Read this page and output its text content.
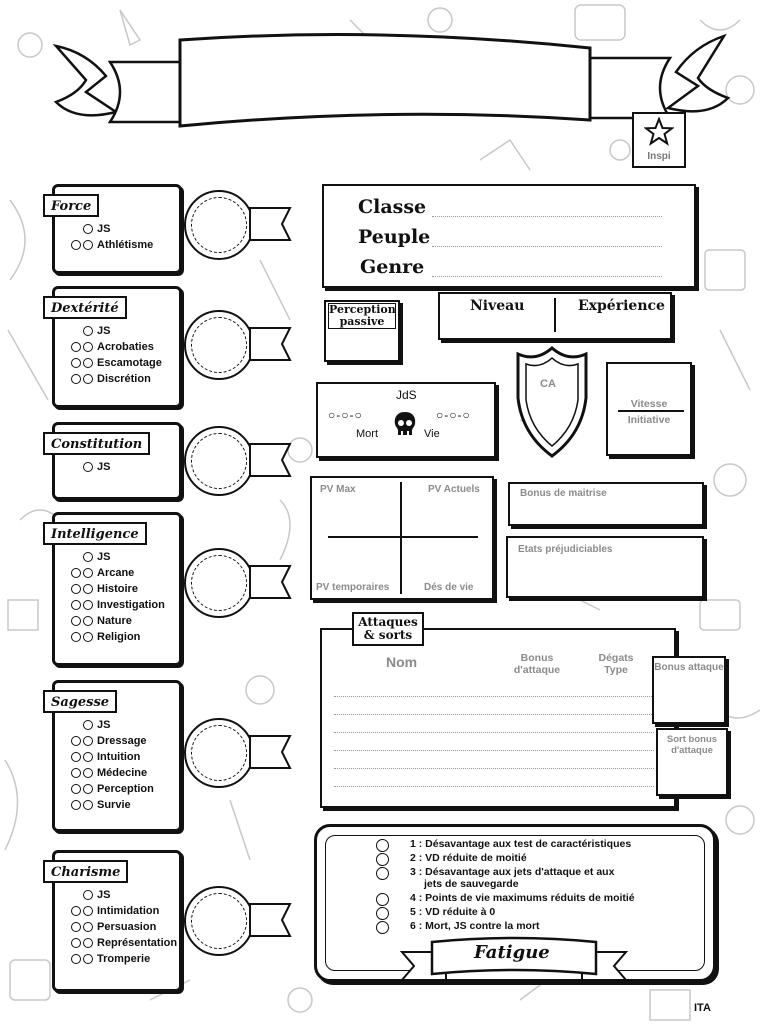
Inspi
Force
JS
Athlétisme
Dextérité
JS
Acrobaties
Escamotage
Discrétion
Constitution
JS
Intelligence
JS
Arcane
Histoire
Investigation
Nature
Religion
Sagesse
JS
Dressage
Intuition
Médecine
Perception
Survie
Charisme
JS
Intimidation
Persuasion
Représentation
Tromperie
Classe
Peuple
Genre
Perception passive
Niveau	Expérience
JdS
○-○-○	○-○-○
Mort	Vie
CA
Vitesse
Initiative
PV Max	PV Actuels
PV temporaires	Dés de vie
Bonus de maitrise
Etats préjudiciables
Attaques & sorts
Nom	Bonus d'attaque
Dégats Type	Bonus attaque
Sort bonus d'attaque
1 : Désavantage aux test de caractéristiques
2 : VD réduite de moitié
3 : Désavantage aux jets d'attaque et aux
jets de sauvegarde
4 : Points de vie maximums réduits de moitié
5 : VD réduite à 0
6 : Mort, JS contre la mort
Fatigue
ITA
